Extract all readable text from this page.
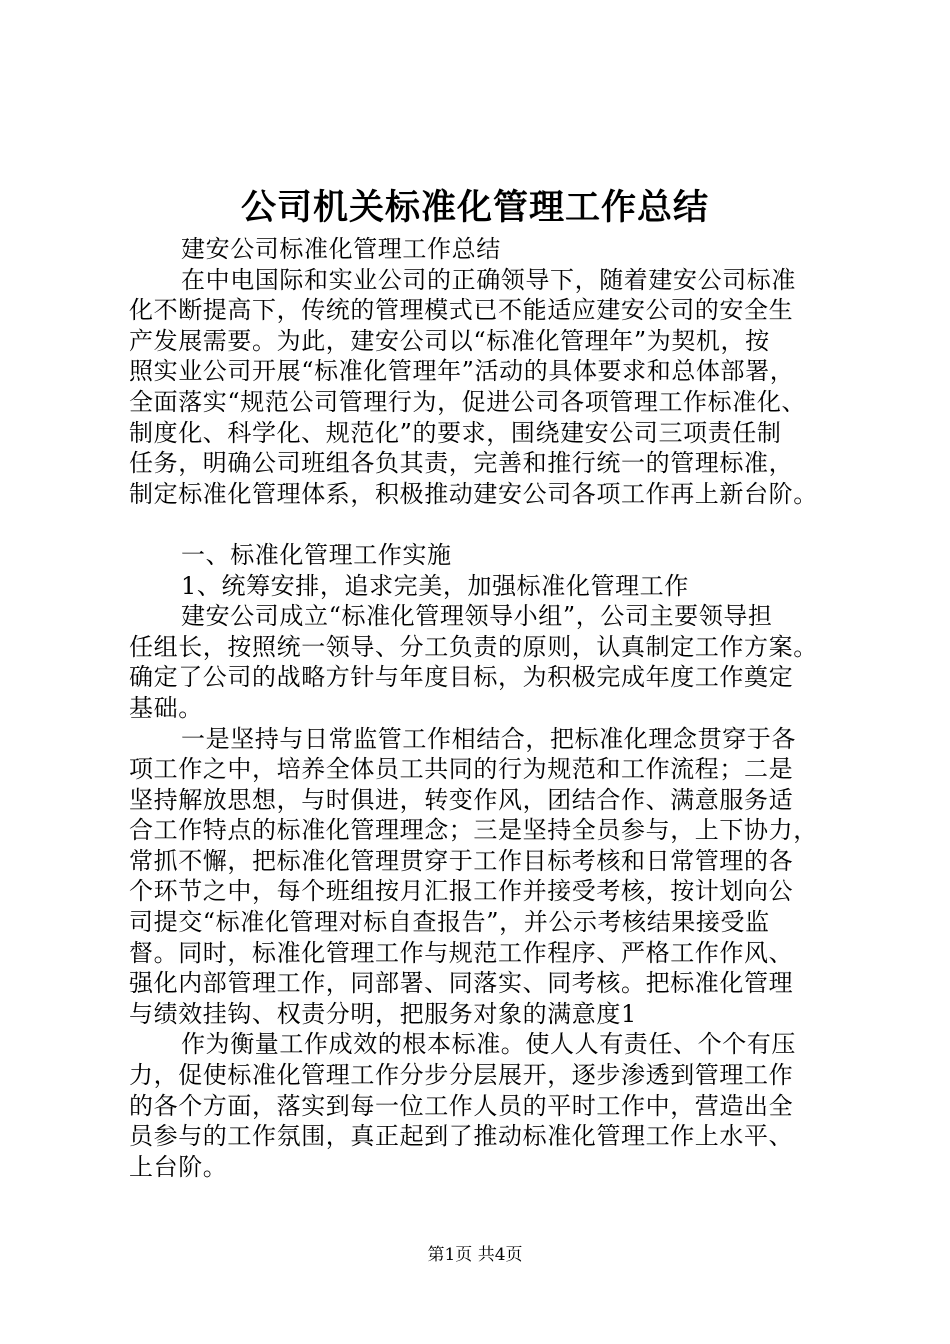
公司机关标准化管理工作总结
建安公司标准化管理工作总结
在中电国际和实业公司的正确领导下，随着建安公司标准
化不断提高下，传统的管理模式已不能适应建安公司的安全生
产发展需要。为此，建安公司以“标准化管理年”为契机，按
照实业公司开展“标准化管理年”活动的具体要求和总体部署，
全面落实“规范公司管理行为，促进公司各项管理工作标准化、
制度化、科学化、规范化”的要求，围绕建安公司三项责任制
任务，明确公司班组各负其责，完善和推行统一的管理标准，
制定标准化管理体系，积极推动建安公司各项工作再上新台阶。
一、标准化管理工作实施
1、统筹安排，追求完美，加强标准化管理工作
建安公司成立“标准化管理领导小组”，公司主要领导担
任组长，按照统一领导、分工负责的原则，认真制定工作方案。
确定了公司的战略方针与年度目标，为积极完成年度工作奠定
基础。
一是坚持与日常监管工作相结合，把标准化理念贯穿于各
项工作之中，培养全体员工共同的行为规范和工作流程；二是
坚持解放思想，与时俱进，转变作风，团结合作、满意服务适
合工作特点的标准化管理理念；三是坚持全员参与，上下协力，
常抓不懈，把标准化管理贯穿于工作目标考核和日常管理的各
个环节之中，每个班组按月汇报工作并接受考核，按计划向公
司提交“标准化管理对标自查报告”，并公示考核结果接受监
督。同时，标准化管理工作与规范工作程序、严格工作作风、
强化内部管理工作，同部署、同落实、同考核。把标准化管理
与绩效挂钩、权责分明，把服务对象的满意度1
作为衡量工作成效的根本标准。使人人有责任、个个有压
力，促使标准化管理工作分步分层展开，逐步渗透到管理工作
的各个方面，落实到每一位工作人员的平时工作中，营造出全
员参与的工作氛围，真正起到了推动标准化管理工作上水平、
上台阶。
第1页 共4页
